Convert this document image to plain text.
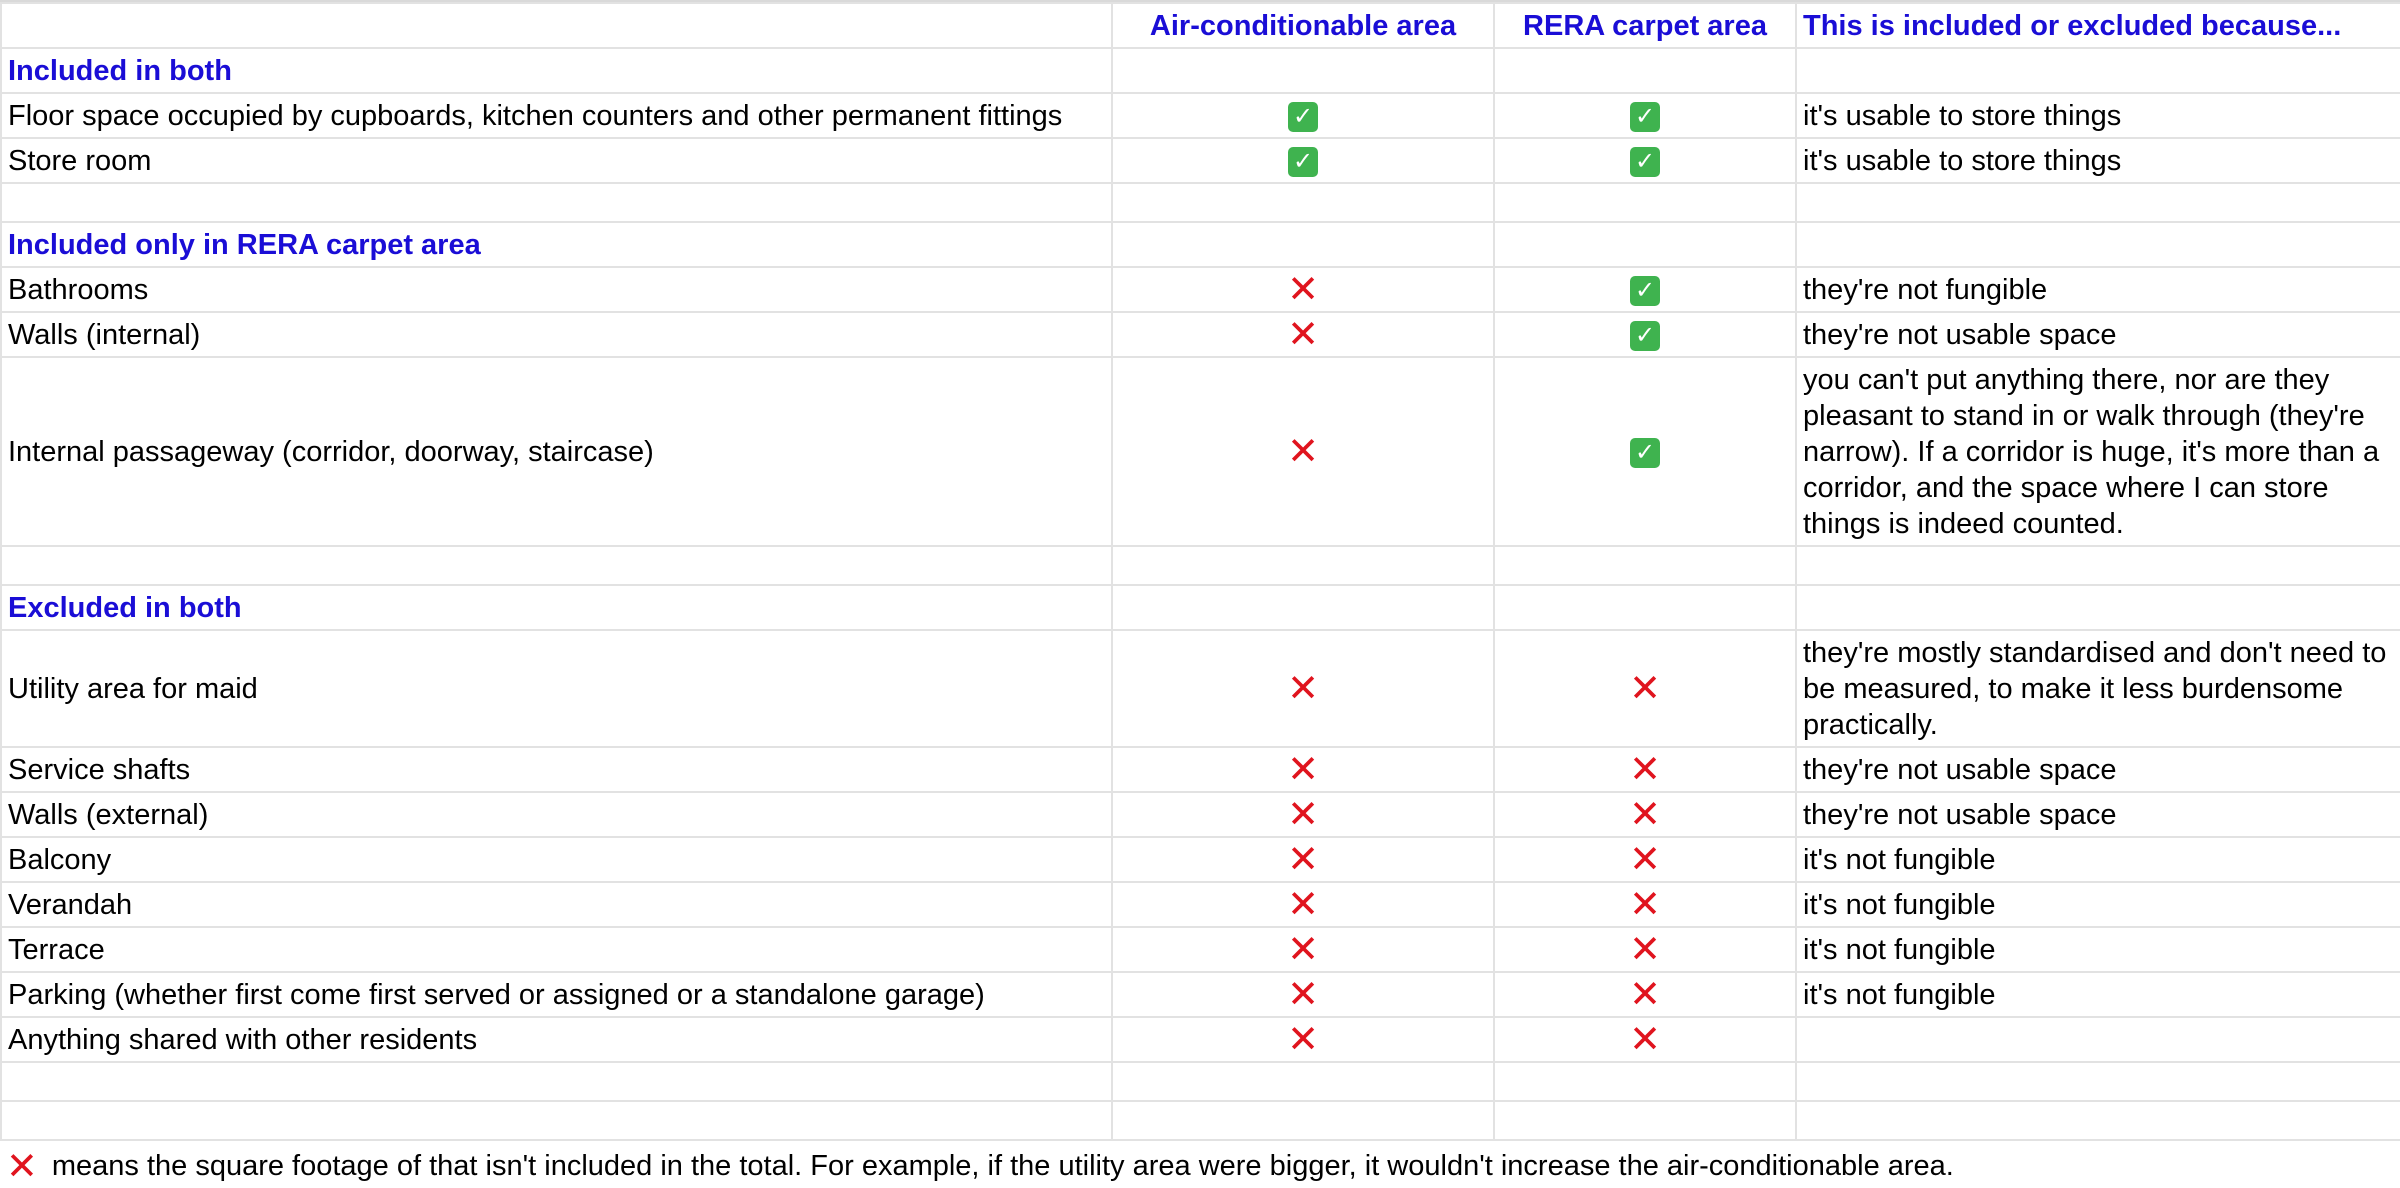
	Air-conditionable area	RERA carpet area	This is included or excluded because...
Included in both			
Floor space occupied by cupboards, kitchen counters and other permanent fittings	✓	✓	it's usable to store things
Store room	✓	✓	it's usable to store things

Included only in RERA carpet area			
Bathrooms	✕	✓	they're not fungible
Walls (internal)	✕	✓	they're not usable space
Internal passageway (corridor, doorway, staircase)	✕	✓	you can't put anything there, nor are they pleasant to stand in or walk through (they're narrow). If a corridor is huge, it's more than a corridor, and the space where I can store things is indeed counted.

Excluded in both			
Utility area for maid	✕	✕	they're mostly standardised and don't need to be measured, to make it less burdensome practically.
Service shafts	✕	✕	they're not usable space
Walls (external)	✕	✕	they're not usable space
Balcony	✕	✕	it's not fungible
Verandah	✕	✕	it's not fungible
Terrace	✕	✕	it's not fungible
Parking (whether first come first served or assigned or a standalone garage)	✕	✕	it's not fungible
Anything shared with other residents	✕	✕	

✕ means the square footage of that isn't included in the total. For example, if the utility area were bigger, it wouldn't increase the air-conditionable area.
